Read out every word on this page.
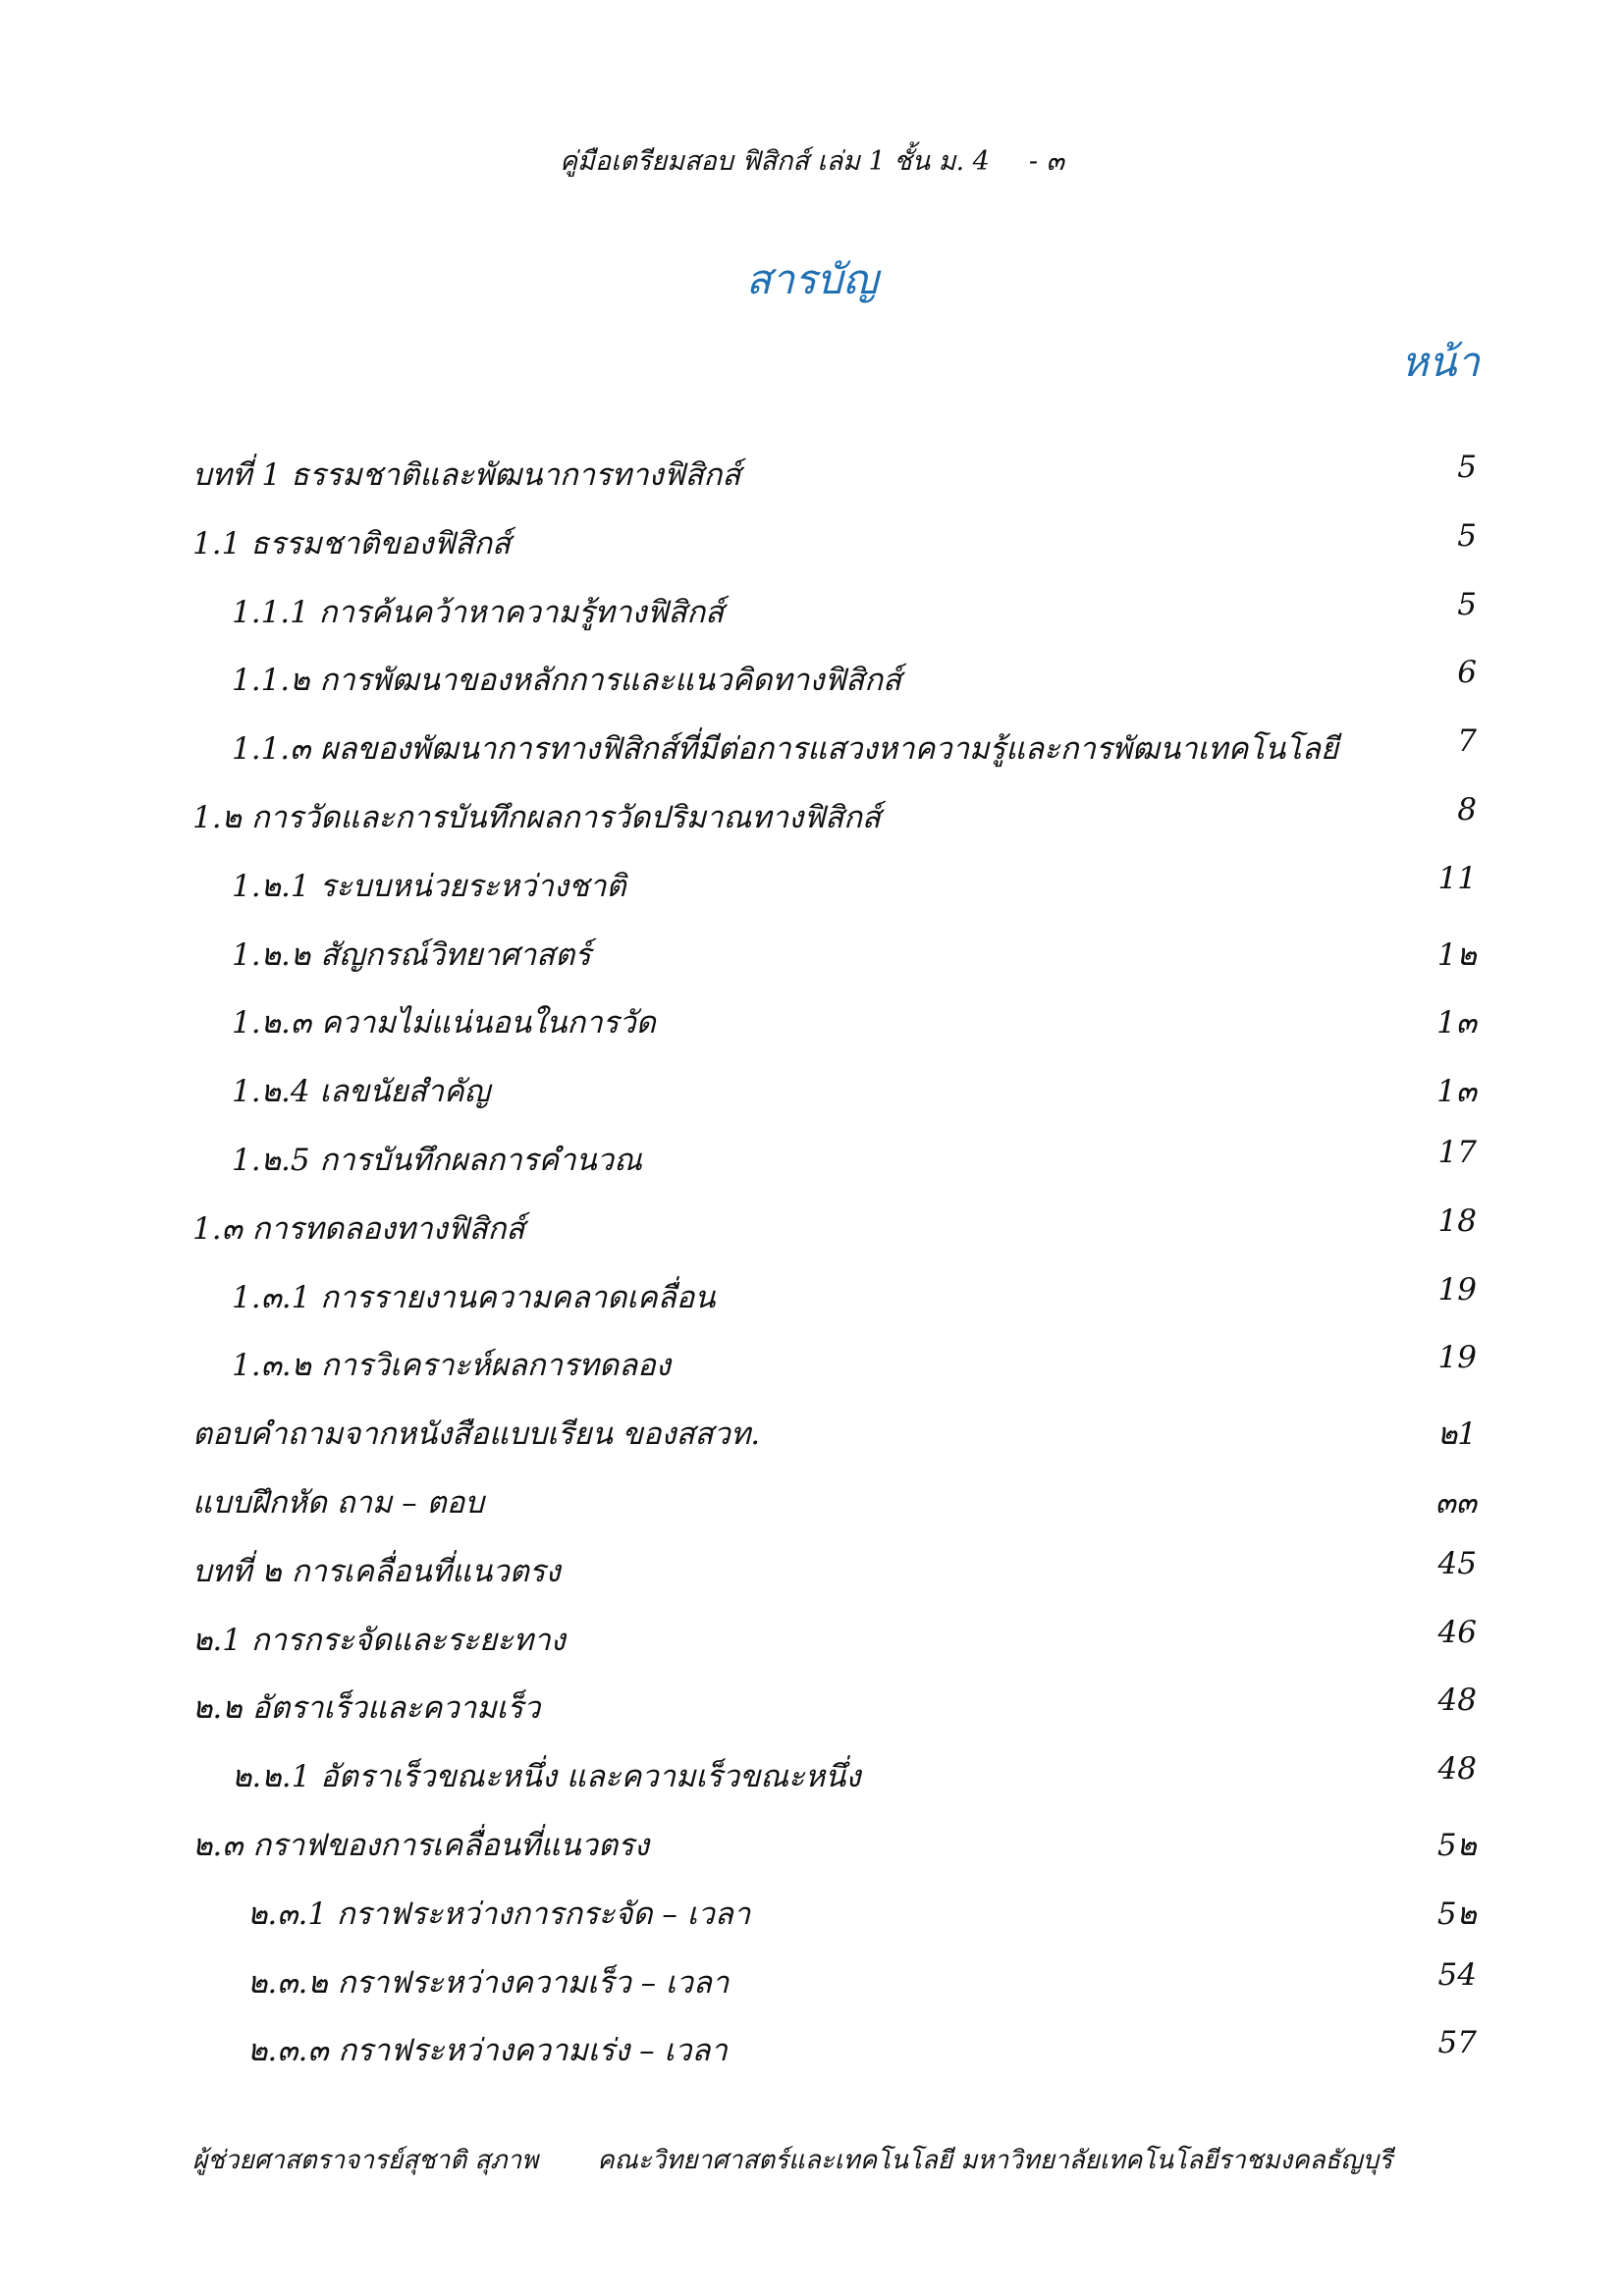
คู่มือเตรียมสอบ ฟิสิกส์ เล่ม 1 ชั้น ม. 4 - ๓
สารบัญ
หน้า
บทที่ 1 ธรรมชาติและพัฒนาการทางฟิสิกส์	5
1.1 ธรรมชาติของฟิสิกส์	5
1.1.1 การค้นคว้าหาความรู้ทางฟิสิกส์	5
1.1.๒ การพัฒนาของหลักการและแนวคิดทางฟิสิกส์	6
1.1.๓ ผลของพัฒนาการทางฟิสิกส์ที่มีต่อการแสวงหาความรู้และการพัฒนาเทคโนโลยี	7
1.๒ การวัดและการบันทึกผลการวัดปริมาณทางฟิสิกส์	8
1.๒.1 ระบบหน่วยระหว่างชาติ	11
1.๒.๒ สัญกรณ์วิทยาศาสตร์	1๒
1.๒.๓ ความไม่แน่นอนในการวัด	1๓
1.๒.4 เลขนัยสำคัญ	1๓
1.๒.5 การบันทึกผลการคำนวณ	17
1.๓ การทดลองทางฟิสิกส์	18
1.๓.1 การรายงานความคลาดเคลื่อน	19
1.๓.๒ การวิเคราะห์ผลการทดลอง	19
ตอบคำถามจากหนังสือแบบเรียน ของสสวท.	๒1
แบบฝึกหัด ถาม – ตอบ	๓๓
บทที่ ๒ การเคลื่อนที่แนวตรง	45
๒.1 การกระจัดและระยะทาง	46
๒.๒ อัตราเร็วและความเร็ว	48
๒.๒.1 อัตราเร็วขณะหนึ่ง และความเร็วขณะหนึ่ง	48
๒.๓ กราฟของการเคลื่อนที่แนวตรง	5๒
๒.๓.1 กราฟระหว่างการกระจัด – เวลา	5๒
๒.๓.๒ กราฟระหว่างความเร็ว – เวลา	54
๒.๓.๓ กราฟระหว่างความเร่ง – เวลา	57
ผู้ช่วยศาสตราจารย์สุชาติ สุภาพ คณะวิทยาศาสตร์และเทคโนโลยี มหาวิทยาลัยเทคโนโลยีราชมงคลธัญบุรี
